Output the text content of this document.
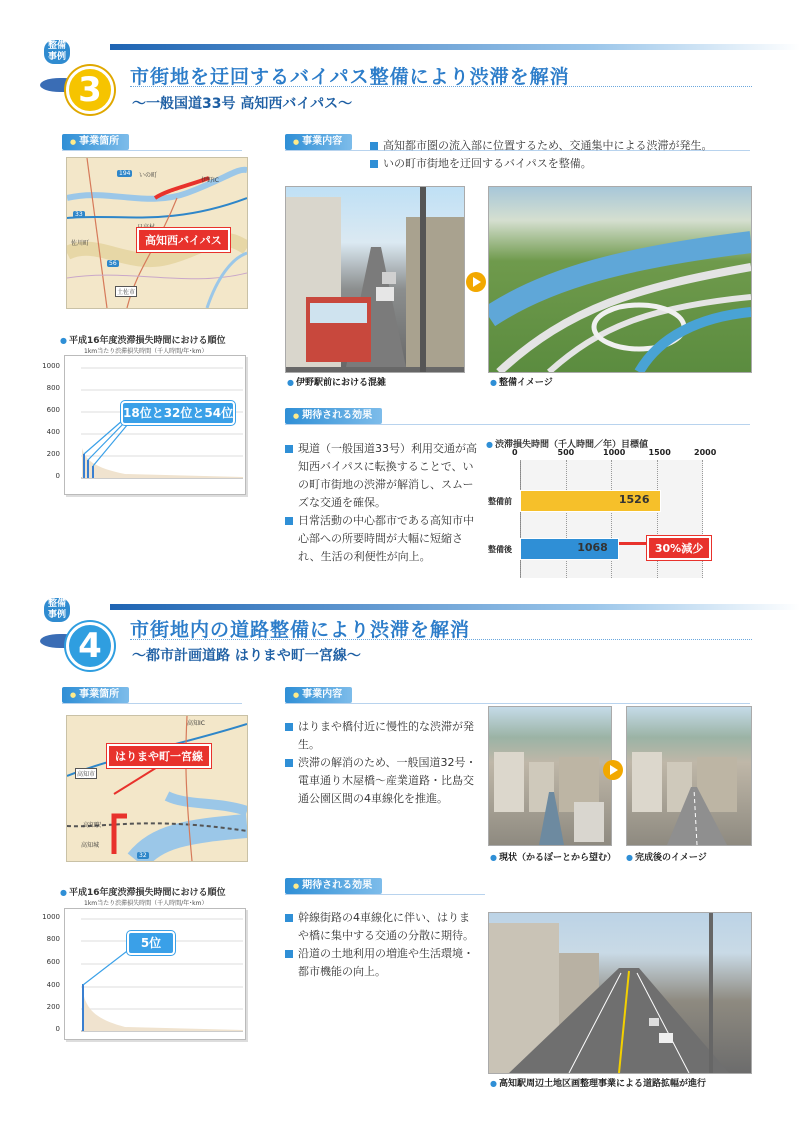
整備
事例
3	市街地を迂回するバイパス整備により渋滞を解消
〜一般国道33号 高知西バイパス〜
● 事業箇所	● 事業内容
いの町
伊野IC
佐川町
土佐市
33
56
194
高知西バイパス
● 平成16年度渋滞損失時間における順位
1km当たり渋滞損失時間（千人時間/年･km）
18位と32位と54位
1000
800
600
400
200
0
高知都市圏の流入部に位置するため、交通集中による渋滞が発生。
いの町市街地を迂回するバイパスを整備。
● 伊野駅前における混雑	● 整備イメージ
● 期待される効果
現道（一般国道33号）利用交通が高知西バイパスに転換することで、いの町市街地の渋滞が解消し、スムーズな交通を確保。
日常活動の中心都市である高知市中心部への所要時間が大幅に短縮され、生活の利便性が向上。
● 渋滞損失時間（千人時間／年）目標値
0	500	1000	1500	2000
整備前	1526
整備後	1068	30%減少
整備
事例
4	市街地内の道路整備により渋滞を解消
〜都市計画道路 はりまや町一宮線〜
● 事業箇所	● 事業内容
高知IC
高知市
高知駅
高知城
32
はりまや町一宮線
● 平成16年度渋滞損失時間における順位
1km当たり渋滞損失時間（千人時間/年･km）
5位
1000
800
600
400
200
0
はりまや橋付近に慢性的な渋滞が発生。
渋滞の解消のため、一般国道32号・電車通り木屋橋〜産業道路・比島交通公園区間の4車線化を推進。
● 現状（かるぽーとから望む）	● 完成後のイメージ
● 期待される効果
幹線街路の4車線化に伴い、はりまや橋に集中する交通の分散に期待。
沿道の土地利用の増進や生活環境・都市機能の向上。
● 高知駅周辺土地区画整理事業による道路拡幅が進行
